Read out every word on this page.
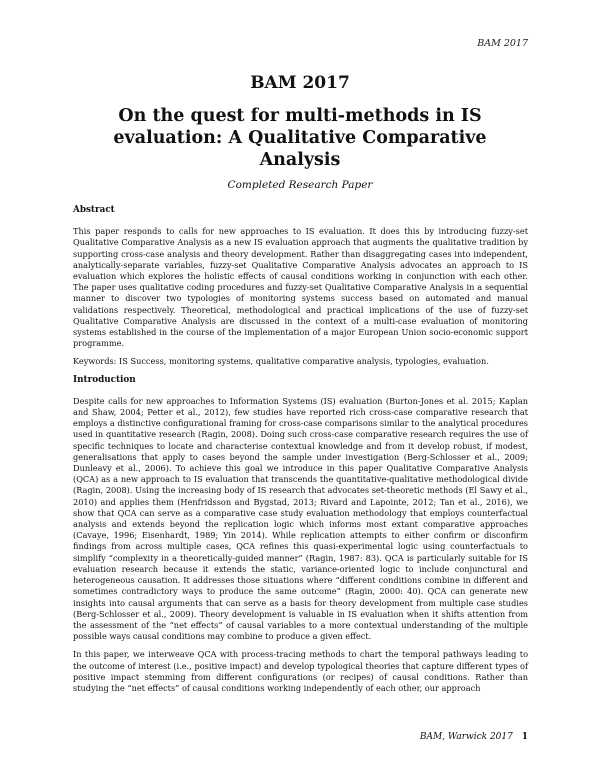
BAM 2017
BAM 2017
On the quest for multi-methods in IS evaluation: A Qualitative Comparative Analysis
Completed Research Paper
Abstract

This paper responds to calls for new approaches to IS evaluation. It does this by introducing fuzzy-set Qualitative Comparative Analysis as a new IS evaluation approach that augments the qualitative tradition by supporting cross-case analysis and theory development. Rather than disaggregating cases into independent, analytically-separate variables, fuzzy-set Qualitative Comparative Analysis advocates an approach to IS evaluation which explores the holistic effects of causal conditions working in conjunction with each other. The paper uses qualitative coding procedures and fuzzy-set Qualitative Comparative Analysis in a sequential manner to discover two typologies of monitoring systems success based on automated and manual validations respectively. Theoretical, methodological and practical implications of the use of fuzzy-set Qualitative Comparative Analysis are discussed in the context of a multi-case evaluation of monitoring systems established in the course of the implementation of a major European Union socio-economic support programme.

Keywords: IS Success, monitoring systems, qualitative comparative analysis, typologies, evaluation.

Introduction

Despite calls for new approaches to Information Systems (IS) evaluation (Burton-Jones et al. 2015; Kaplan and Shaw, 2004; Petter et al., 2012), few studies have reported rich cross-case comparative research that employs a distinctive configurational framing for cross-case comparisons similar to the analytical procedures used in quantitative research (Ragin, 2008). Doing such cross-case comparative research requires the use of specific techniques to locate and characterise contextual knowledge and from it develop robust, if modest, generalisations that apply to cases beyond the sample under investigation (Berg-Schlosser et al., 2009; Dunleavy et al., 2006). To achieve this goal we introduce in this paper Qualitative Comparative Analysis (QCA) as a new approach to IS evaluation that transcends the quantitative-qualitative methodological divide (Ragin, 2008). Using the increasing body of IS research that advocates set-theoretic methods (El Sawy et al., 2010) and applies them (Henfridsson and Bygstad, 2013; Rivard and Lapointe, 2012; Tan et al., 2016), we show that QCA can serve as a comparative case study evaluation methodology that employs counterfactual analysis and extends beyond the replication logic which informs most extant comparative approaches (Cavaye, 1996; Eisenhardt, 1989; Yin 2014). While replication attempts to either confirm or disconfirm findings from across multiple cases, QCA refines this quasi-experimental logic using counterfactuals to simplify “complexity in a theoretically-guided manner” (Ragin, 1987: 83). QCA is particularly suitable for IS evaluation research because it extends the static, variance-oriented logic to include conjunctural and heterogeneous causation. It addresses those situations where “different conditions combine in different and sometimes contradictory ways to produce the same outcome” (Ragin, 2000: 40). QCA can generate new insights into causal arguments that can serve as a basis for theory development from multiple case studies (Berg-Schlosser et al., 2009). Theory development is valuable in IS evaluation when it shifts attention from the assessment of the “net effects” of causal variables to a more contextual understanding of the multiple possible ways causal conditions may combine to produce a given effect.

In this paper, we interweave QCA with process-tracing methods to chart the temporal pathways leading to the outcome of interest (i.e., positive impact) and develop typological theories that capture different types of positive impact stemming from different configurations (or recipes) of causal conditions. Rather than studying the “net effects” of causal conditions working independently of each other, our approach

BAM, Warwick 2017 1
